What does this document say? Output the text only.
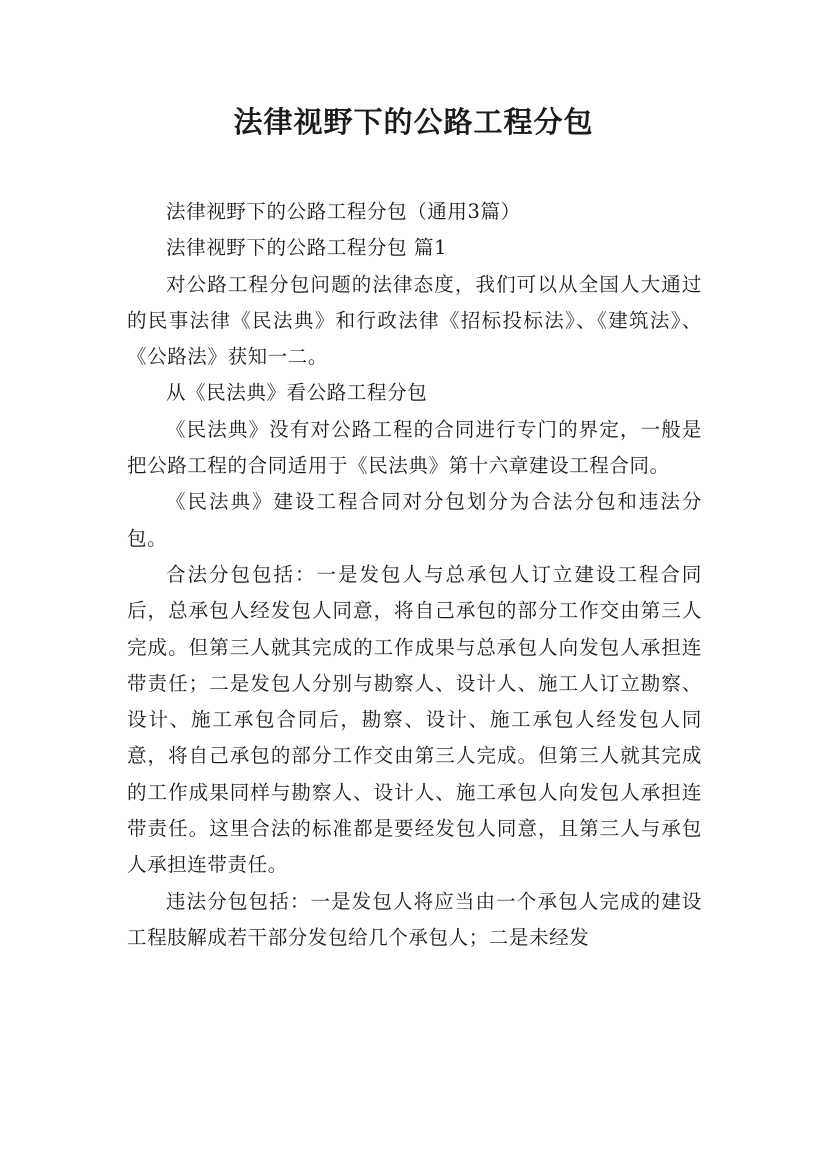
法律视野下的公路工程分包

法律视野下的公路工程分包（通用3篇）

法律视野下的公路工程分包 篇1

对公路工程分包问题的法律态度，我们可以从全国人大通过的民事法律《民法典》和行政法律《招标投标法》、《建筑法》、《公路法》获知一二。

从《民法典》看公路工程分包

《民法典》没有对公路工程的合同进行专门的界定，一般是把公路工程的合同适用于《民法典》第十六章建设工程合同。

《民法典》建设工程合同对分包划分为合法分包和违法分包。

合法分包包括：一是发包人与总承包人订立建设工程合同后，总承包人经发包人同意，将自己承包的部分工作交由第三人完成。但第三人就其完成的工作成果与总承包人向发包人承担连带责任；二是发包人分别与勘察人、设计人、施工人订立勘察、设计、施工承包合同后，勘察、设计、施工承包人经发包人同意，将自己承包的部分工作交由第三人完成。但第三人就其完成的工作成果同样与勘察人、设计人、施工承包人向发包人承担连带责任。这里合法的标准都是要经发包人同意，且第三人与承包人承担连带责任。

违法分包包括：一是发包人将应当由一个承包人完成的建设工程肢解成若干部分发包给几个承包人；二是未经发
